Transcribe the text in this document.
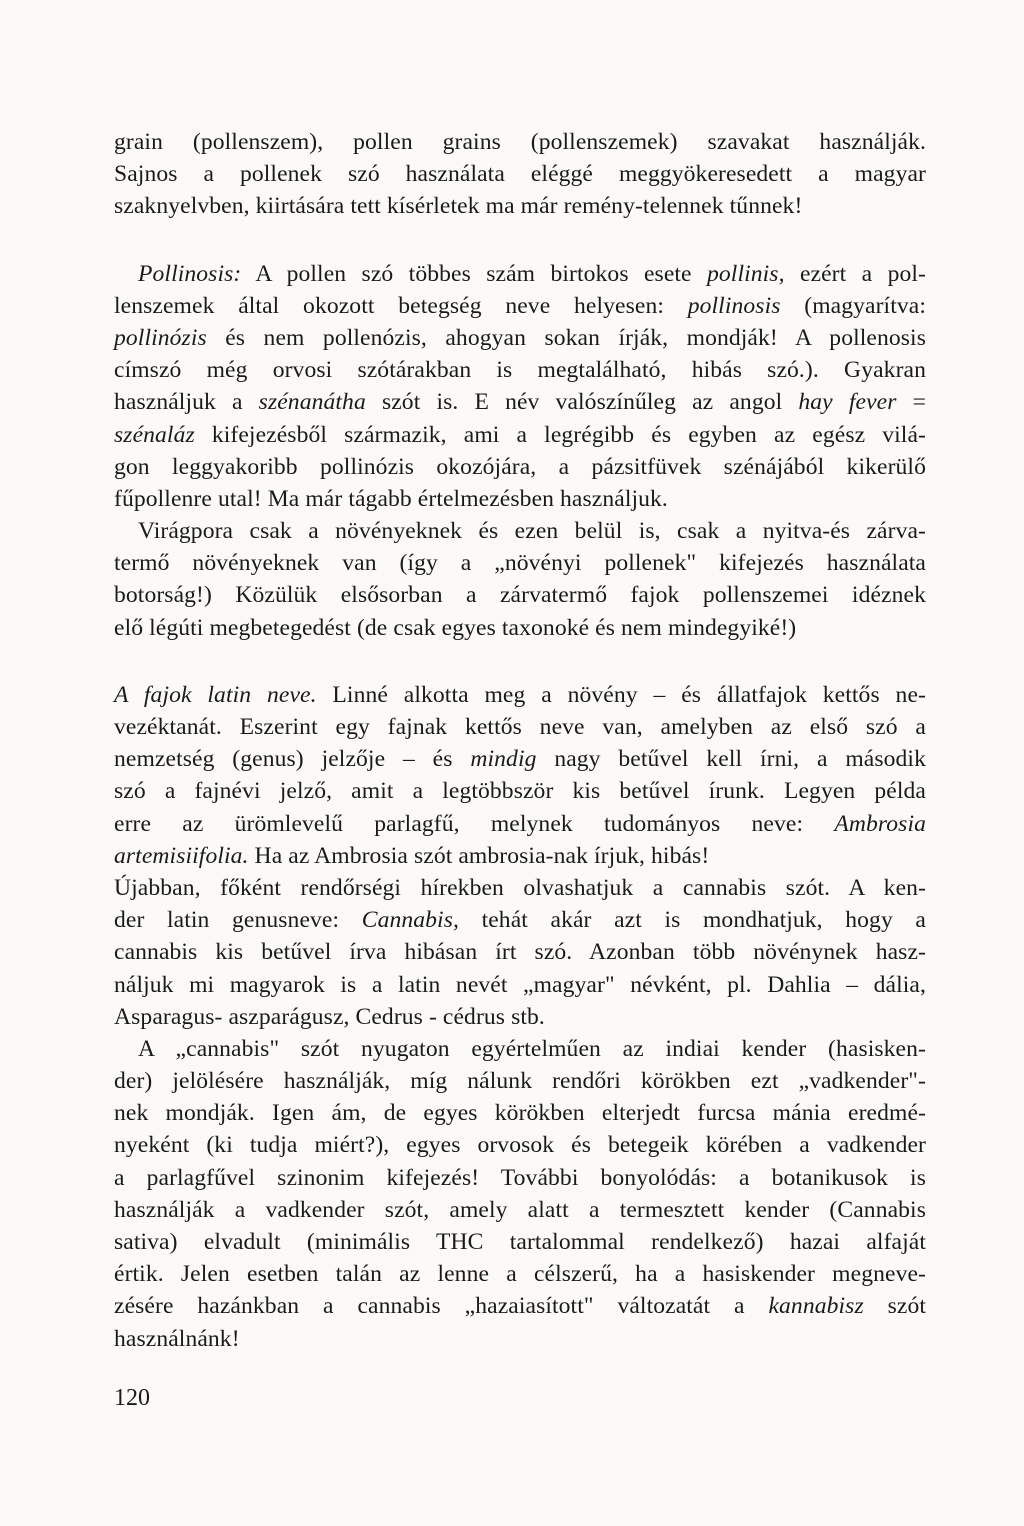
grain (pollenszem), pollen grains (pollenszemek) szavakat használják.
Sajnos a pollenek szó használata eléggé meggyökeresedett a magyar
szaknyelvben, kiirtására tett kísérletek ma már remény-telennek tűnnek!
Pollinosis: A pollen szó többes szám birtokos esete pollinis, ezért a pol-
lenszemek által okozott betegség neve helyesen: pollinosis (magyarítva:
pollinózis és nem pollenózis, ahogyan sokan írják, mondják! A pollenosis
címszó még orvosi szótárakban is megtalálható, hibás szó.). Gyakran
használjuk a szénanátha szót is. E név valószínűleg az angol hay fever =
szénaláz kifejezésből származik, ami a legrégibb és egyben az egész vilá-
gon leggyakoribb pollinózis okozójára, a pázsitfüvek szénájából kikerülő
fűpollenre utal! Ma már tágabb értelmezésben használjuk.
Virágpora csak a növényeknek és ezen belül is, csak a nyitva-és zárva-
termő növényeknek van (így a „növényi pollenek" kifejezés használata
botorság!) Közülük elsősorban a zárvatermő fajok pollenszemei idéznek
elő légúti megbetegedést (de csak egyes taxonoké és nem mindegyiké!)
A fajok latin neve. Linné alkotta meg a növény – és állatfajok kettős ne-
vezéktanát. Eszerint egy fajnak kettős neve van, amelyben az első szó a
nemzetség (genus) jelzője – és mindig nagy betűvel kell írni, a második
szó a fajnévi jelző, amit a legtöbbször kis betűvel írunk. Legyen példa
erre az ürömlevelű parlagfű, melynek tudományos neve: Ambrosia
artemisiifolia. Ha az Ambrosia szót ambrosia-nak írjuk, hibás!
Újabban, főként rendőrségi hírekben olvashatjuk a cannabis szót. A ken-
der latin genusneve: Cannabis, tehát akár azt is mondhatjuk, hogy a
cannabis kis betűvel írva hibásan írt szó. Azonban több növénynek hasz-
náljuk mi magyarok is a latin nevét „magyar" névként, pl. Dahlia – dália,
Asparagus- aszparágusz, Cedrus - cédrus stb.
A „cannabis" szót nyugaton egyértelműen az indiai kender (hasisken-
der) jelölésére használják, míg nálunk rendőri körökben ezt „vadkender"-
nek mondják. Igen ám, de egyes körökben elterjedt furcsa mánia eredmé-
nyeként (ki tudja miért?), egyes orvosok és betegeik körében a vadkender
a parlagfűvel szinonim kifejezés! További bonyolódás: a botanikusok is
használják a vadkender szót, amely alatt a termesztett kender (Cannabis
sativa) elvadult (minimális THC tartalommal rendelkező) hazai alfaját
értik. Jelen esetben talán az lenne a célszerű, ha a hasiskender megneve-
zésére hazánkban a cannabis „hazaiasított" változatát a kannabisz szót
használnánk!
120
